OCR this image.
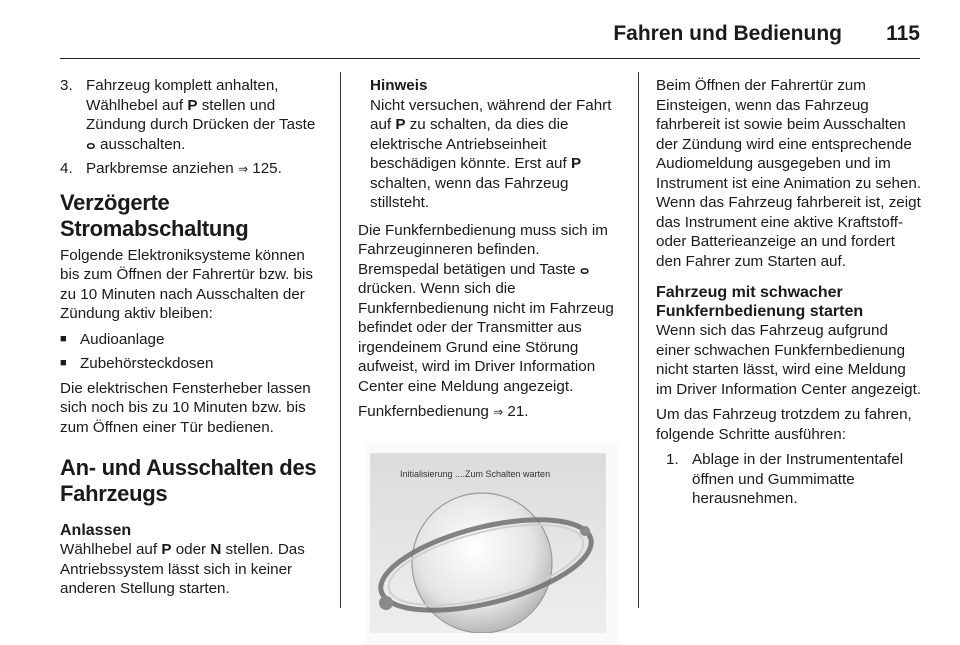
Fahren und Bedienung 115
3. Fahrzeug komplett anhalten, Wählhebel auf P stellen und Zündung durch Drücken der Taste ⴰ ausschalten.
4. Parkbremse anziehen ⇒ 125.
Verzögerte Stromabschaltung

Folgende Elektroniksysteme können bis zum Öffnen der Fahrertür bzw. bis zu 10 Minuten nach Ausschalten der Zündung aktiv bleiben:

■ Audioanlage
■ Zubehörsteckdosen

Die elektrischen Fensterheber lassen sich noch bis zu 10 Minuten bzw. bis zum Öffnen einer Tür bedienen.

An- und Ausschalten des Fahrzeugs
Anlassen

Wählhebel auf P oder N stellen. Das Antriebssystem lässt sich in keiner anderen Stellung starten.

Hinweis
Nicht versuchen, während der Fahrt auf P zu schalten, da dies die elektrische Antriebseinheit beschädigen könnte. Erst auf P schalten, wenn das Fahrzeug stillsteht.

Die Funkfernbedienung muss sich im Fahrzeuginneren befinden. Bremspedal betätigen und Taste ⴰ drücken. Wenn sich die Funkfernbedienung nicht im Fahrzeug befindet oder der Transmitter aus irgendeinem Grund eine Störung aufweist, wird im Driver Information Center eine Meldung angezeigt.

Funkfernbedienung ⇒ 21.

Initialisierung ....Zum Schalten warten

Beim Öffnen der Fahrertür zum Einsteigen, wenn das Fahrzeug fahrbereit ist sowie beim Ausschalten der Zündung wird eine entsprechende Audiomeldung ausgegeben und im Instrument ist eine Animation zu sehen. Wenn das Fahrzeug fahrbereit ist, zeigt das Instrument eine aktive Kraftstoff- oder Batterieanzeige an und fordert den Fahrer zum Starten auf.

Fahrzeug mit schwacher Funkfernbedienung starten

Wenn sich das Fahrzeug aufgrund einer schwachen Funkfernbedienung nicht starten lässt, wird eine Meldung im Driver Information Center angezeigt.

Um das Fahrzeug trotzdem zu fahren, folgende Schritte ausführen:

1. Ablage in der Instrumententafel öffnen und Gummimatte herausnehmen.
